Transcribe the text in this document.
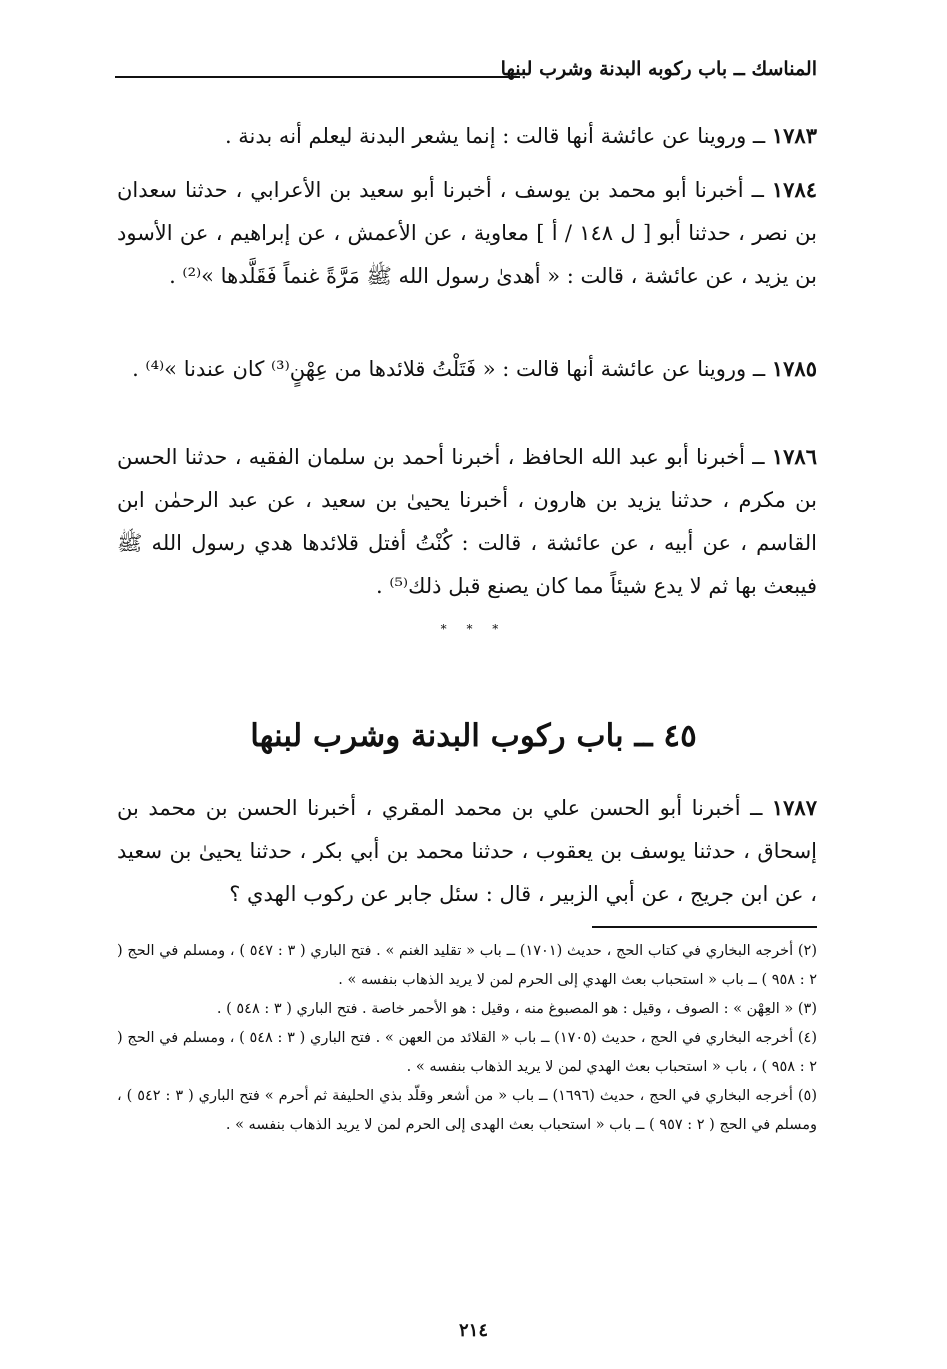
المناسك ــ باب ركوبه البدنة وشرب لبنها
١٧٨٣ ــ وروينا عن عائشة أنها قالت : إنما يشعر البدنة ليعلم أنه بدنة .
١٧٨٤ ــ أخبرنا أبو محمد بن يوسف ، أخبرنا أبو سعيد بن الأعرابي ، حدثنا سعدان بن نصر ، حدثنا أبو [ ل ١٤٨ / أ ] معاوية ، عن الأعمش ، عن إبراهيم ، عن الأسود بن يزيد ، عن عائشة ، قالت : « أهدىٰ رسول الله ﷺ مَرَّةً غنماً فَقَلَّدها »⁽²⁾ .
١٧٨٥ ــ وروينا عن عائشة أنها قالت : « فَتَلْتُ قلائدها من عِهْنٍ⁽³⁾ كان عندنا »⁽⁴⁾ .
١٧٨٦ ــ أخبرنا أبو عبد الله الحافظ ، أخبرنا أحمد بن سلمان الفقيه ، حدثنا الحسن بن مكرم ، حدثنا يزيد بن هارون ، أخبرنا يحيىٰ بن سعيد ، عن عبد الرحمٰن ابن القاسم ، عن أبيه ، عن عائشة ، قالت : كُنْتُ أفتل قلائدها هدي رسول الله ﷺ فيبعث بها ثم لا يدع شيئاً مما كان يصنع قبل ذلك⁽⁵⁾ .
* * *
٤٥ ــ باب ركوب البدنة وشرب لبنها
١٧٨٧ ــ أخبرنا أبو الحسن علي بن محمد المقري ، أخبرنا الحسن بن محمد بن إسحاق ، حدثنا يوسف بن يعقوب ، حدثنا محمد بن أبي بكر ، حدثنا يحيىٰ بن سعيد ، عن ابن جريج ، عن أبي الزبير ، قال : سئل جابر عن ركوب الهدي ؟

(٢) أخرجه البخاري في كتاب الحج ، حديث (١٧٠١) ــ باب « تقليد الغنم » . فتح الباري ( ٣ : ٥٤٧ ) ، ومسلم في الحج ( ٢ : ٩٥٨ ) ــ باب « استحباب بعث الهدي إلى الحرم لمن لا يريد الذهاب بنفسه » .

(٣) « العِهْن » : الصوف ، وقيل : هو المصبوغ منه ، وقيل : هو الأحمر خاصة . فتح الباري ( ٣ : ٥٤٨ ) .

(٤) أخرجه البخاري في الحج ، حديث (١٧٠٥) ــ باب « القلائد من العهن » . فتح الباري ( ٣ : ٥٤٨ ) ، ومسلم في الحج ( ٢ : ٩٥٨ ) ، باب « استحباب بعث الهدي لمن لا يريد الذهاب بنفسه » .

(٥) أخرجه البخاري في الحج ، حديث (١٦٩٦) ــ باب « من أشعر وقلّد بذي الحليفة ثم أحرم » فتح الباري ( ٣ : ٥٤٢ ) ، ومسلم في الحج ( ٢ : ٩٥٧ ) ــ باب « استحباب بعث الهدى إلى الحرم لمن لا يريد الذهاب بنفسه » .

٢١٤
